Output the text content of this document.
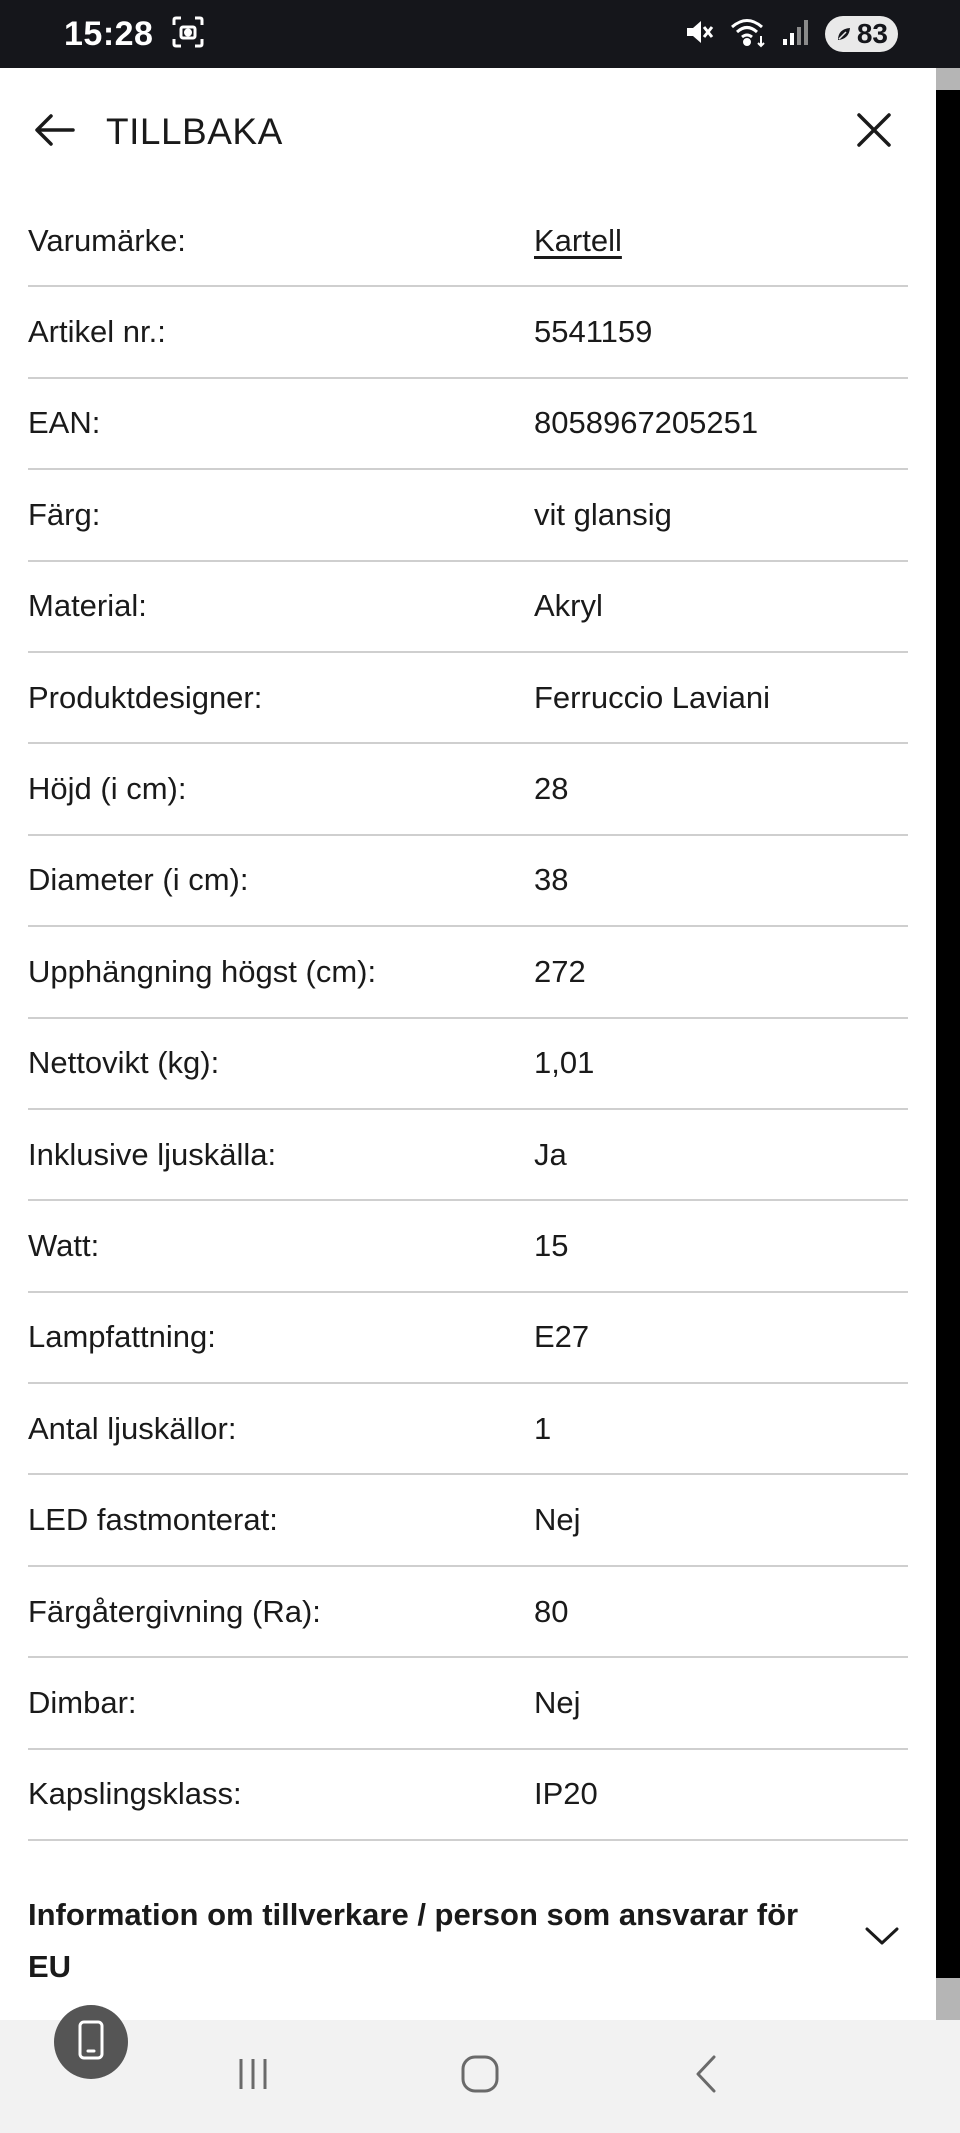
15:28	83
TILLBAKA
Varumärke:	Kartell
Artikel nr.:	5541159
EAN:	8058967205251
Färg:	vit glansig
Material:	Akryl
Produktdesigner:	Ferruccio Laviani
Höjd (i cm):	28
Diameter (i cm):	38
Upphängning högst (cm):	272
Nettovikt (kg):	1,01
Inklusive ljuskälla:	Ja
Watt:	15
Lampfattning:	E27
Antal ljuskällor:	1
LED fastmonterat:	Nej
Färgåtergivning (Ra):	80
Dimbar:	Nej
Kapslingsklass:	IP20
Information om tillverkare / person som ansvarar för EU
